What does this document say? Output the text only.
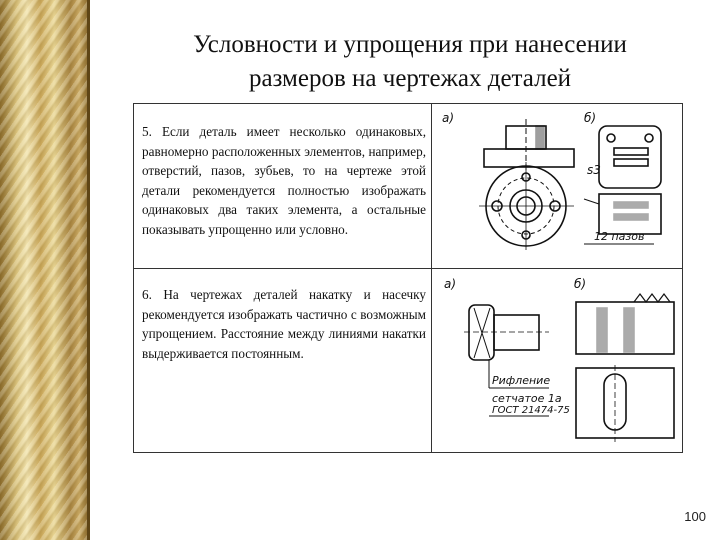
Условности и упрощения при нанесении
размеров на чертежах деталей
5. Если деталь имеет несколько одинаковых, равномерно расположенных элементов, например, отверстий, пазов, зубьев, то на чертеже этой детали рекомендуется полностью изображать одинаковых два таких элемента, а остальные показывать упрощенно или условно.
6. На чертежах деталей накатку и насечку рекомендуется изображать частично с возможным упрощением. Расстояние между линиями накатки выдерживается постоянным.
а)	б)
s3
12 пазов
а)	б)
Рифление
сетчатое 1а
ГОСТ 21474-75
100
